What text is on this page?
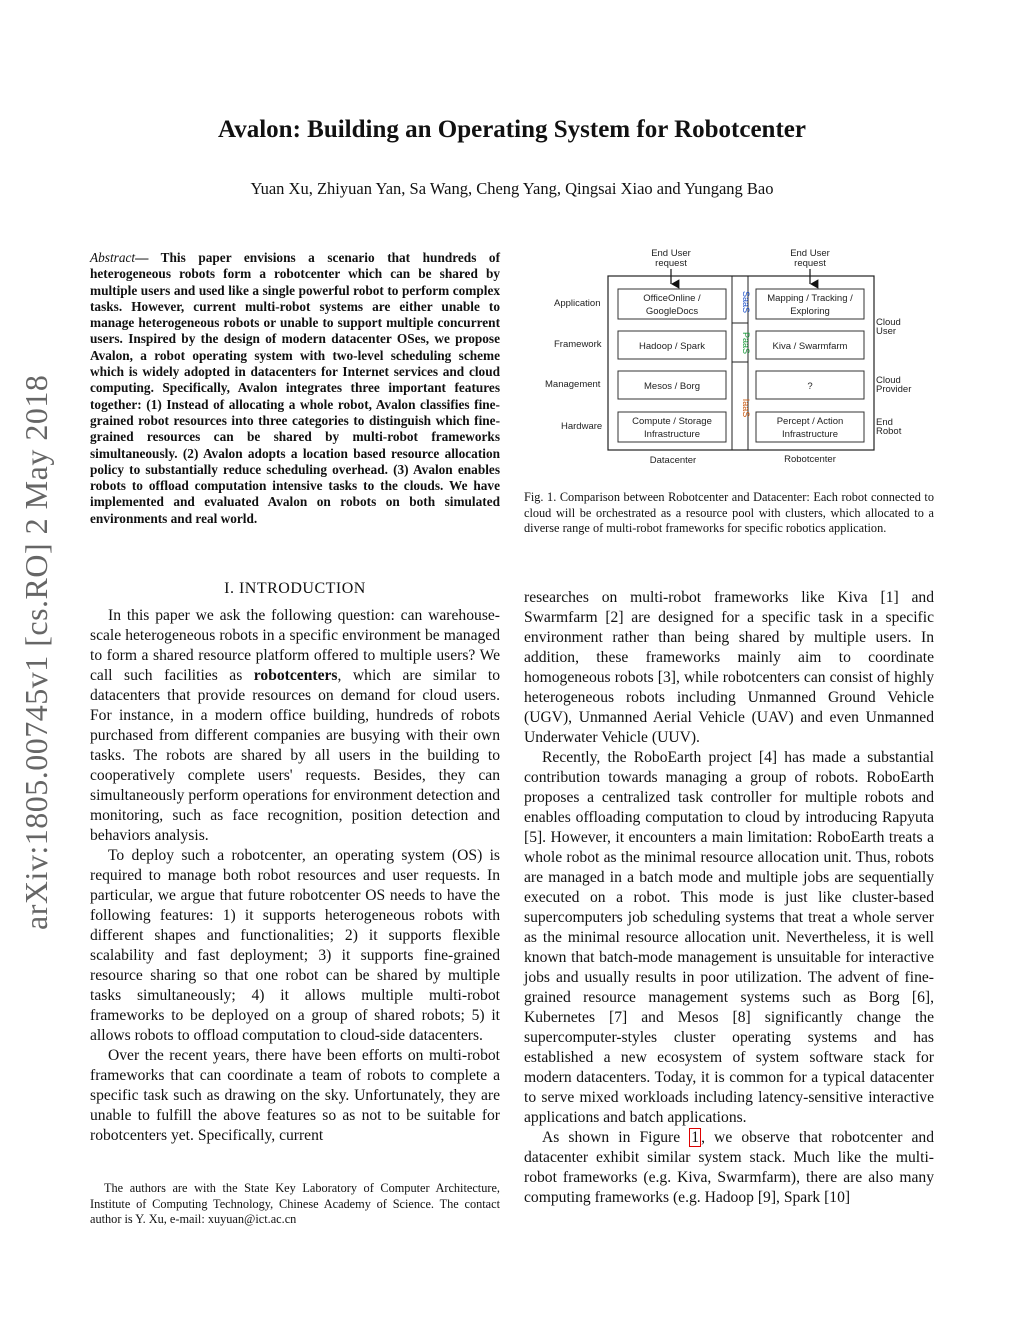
Avalon: Building an Operating System for Robotcenter
Yuan Xu, Zhiyuan Yan, Sa Wang, Cheng Yang, Qingsai Xiao and Yungang Bao
arXiv:1805.00745v1 [cs.RO] 2 May 2018
Abstract— This paper envisions a scenario that hundreds of heterogeneous robots form a robotcenter which can be shared by multiple users and used like a single powerful robot to perform complex tasks. However, current multi-robot systems are either unable to manage heterogeneous robots or unable to support multiple concurrent users. Inspired by the design of modern datacenter OSes, we propose Avalon, a robot operating system with two-level scheduling scheme which is widely adopted in datacenters for Internet services and cloud computing. Specifically, Avalon integrates three important features together: (1) Instead of allocating a whole robot, Avalon classifies fine-grained robot resources into three categories to distinguish which fine-grained resources can be shared by multi-robot frameworks simultaneously. (2) Avalon adopts a location based resource allocation policy to substantially reduce scheduling overhead. (3) Avalon enables robots to offload computation intensive tasks to the clouds. We have implemented and evaluated Avalon on robots on both simulated environments and real world.
I. INTRODUCTION

In this paper we ask the following question: can warehouse-scale heterogeneous robots in a specific environment be managed to form a shared resource platform offered to multiple users? We call such facilities as robotcenters, which are similar to datacenters that provide resources on demand for cloud users. For instance, in a modern office building, hundreds of robots purchased from different companies are busying with their own tasks. The robots are shared by all users in the building to cooperatively complete users' requests. Besides, they can simultaneously perform operations for environment detection and monitoring, such as face recognition, position detection and behaviors analysis.

To deploy such a robotcenter, an operating system (OS) is required to manage both robot resources and user requests. In particular, we argue that future robotcenter OS needs to have the following features: 1) it supports heterogeneous robots with different shapes and functionalities; 2) it supports flexible scalability and fast deployment; 3) it supports fine-grained resource sharing so that one robot can be shared by multiple tasks simultaneously; 4) it allows multiple multi-robot frameworks to be deployed on a group of shared robots; 5) it allows robots to offload computation to cloud-side datacenters.

Over the recent years, there have been efforts on multi-robot frameworks that can coordinate a team of robots to complete a specific task such as drawing on the sky. Unfortunately, they are unable to fulfill the above features so as not to be suitable for robotcenters yet. Specifically, current

The authors are with the State Key Laboratory of Computer Architecture, Institute of Computing Technology, Chinese Academy of Science. The contact author is Y. Xu, e-mail: xuyuan@ict.ac.cn

End User
request
End User
request
Application
Framework
Management
Hardware
OfficeOnline /
GoogleDocs
Hadoop / Spark
Mesos / Borg
Compute / Storage
Infrastructure
SaaS
PaaS
IaaS
Mapping / Tracking /
Exploring
Kiva / Swarmfarm
?
Percept / Action
Infrastructure
Datacenter	Robotcenter
Cloud
User
Cloud
Provider
End
Robot
Fig. 1. Comparison between Robotcenter and Datacenter: Each robot connected to cloud will be orchestrated as a resource pool with clusters, which allocated to a diverse range of multi-robot frameworks for specific robotics application.

researches on multi-robot frameworks like Kiva [1] and Swarmfarm [2] are designed for a specific task in a specific environment rather than being shared by multiple users. In addition, these frameworks mainly aim to coordinate homogeneous robots [3], while robotcenters can consist of highly heterogeneous robots including Unmanned Ground Vehicle (UGV), Unmanned Aerial Vehicle (UAV) and even Unmanned Underwater Vehicle (UUV).

Recently, the RoboEarth project [4] has made a substantial contribution towards managing a group of robots. RoboEarth proposes a centralized task controller for multiple robots and enables offloading computation to cloud by introducing Rapyuta [5]. However, it encounters a main limitation: RoboEarth treats a whole robot as the minimal resource allocation unit. Thus, robots are managed in a batch mode and multiple jobs are sequentially executed on a robot. This mode is just like cluster-based supercomputers job scheduling systems that treat a whole server as the minimal resource allocation unit. Nevertheless, it is well known that batch-mode management is unsuitable for interactive jobs and usually results in poor utilization. The advent of fine-grained resource management systems such as Borg [6], Kubernetes [7] and Mesos [8] significantly change the supercomputer-styles cluster operating systems and has established a new ecosystem of system software stack for modern datacenters. Today, it is common for a typical datacenter to serve mixed workloads including latency-sensitive interactive applications and batch applications.

As shown in Figure 1 , we observe that robotcenter and datacenter exhibit similar system stack. Much like the multi-robot frameworks (e.g. Kiva, Swarmfarm), there are also many computing frameworks (e.g. Hadoop [9], Spark [10]
